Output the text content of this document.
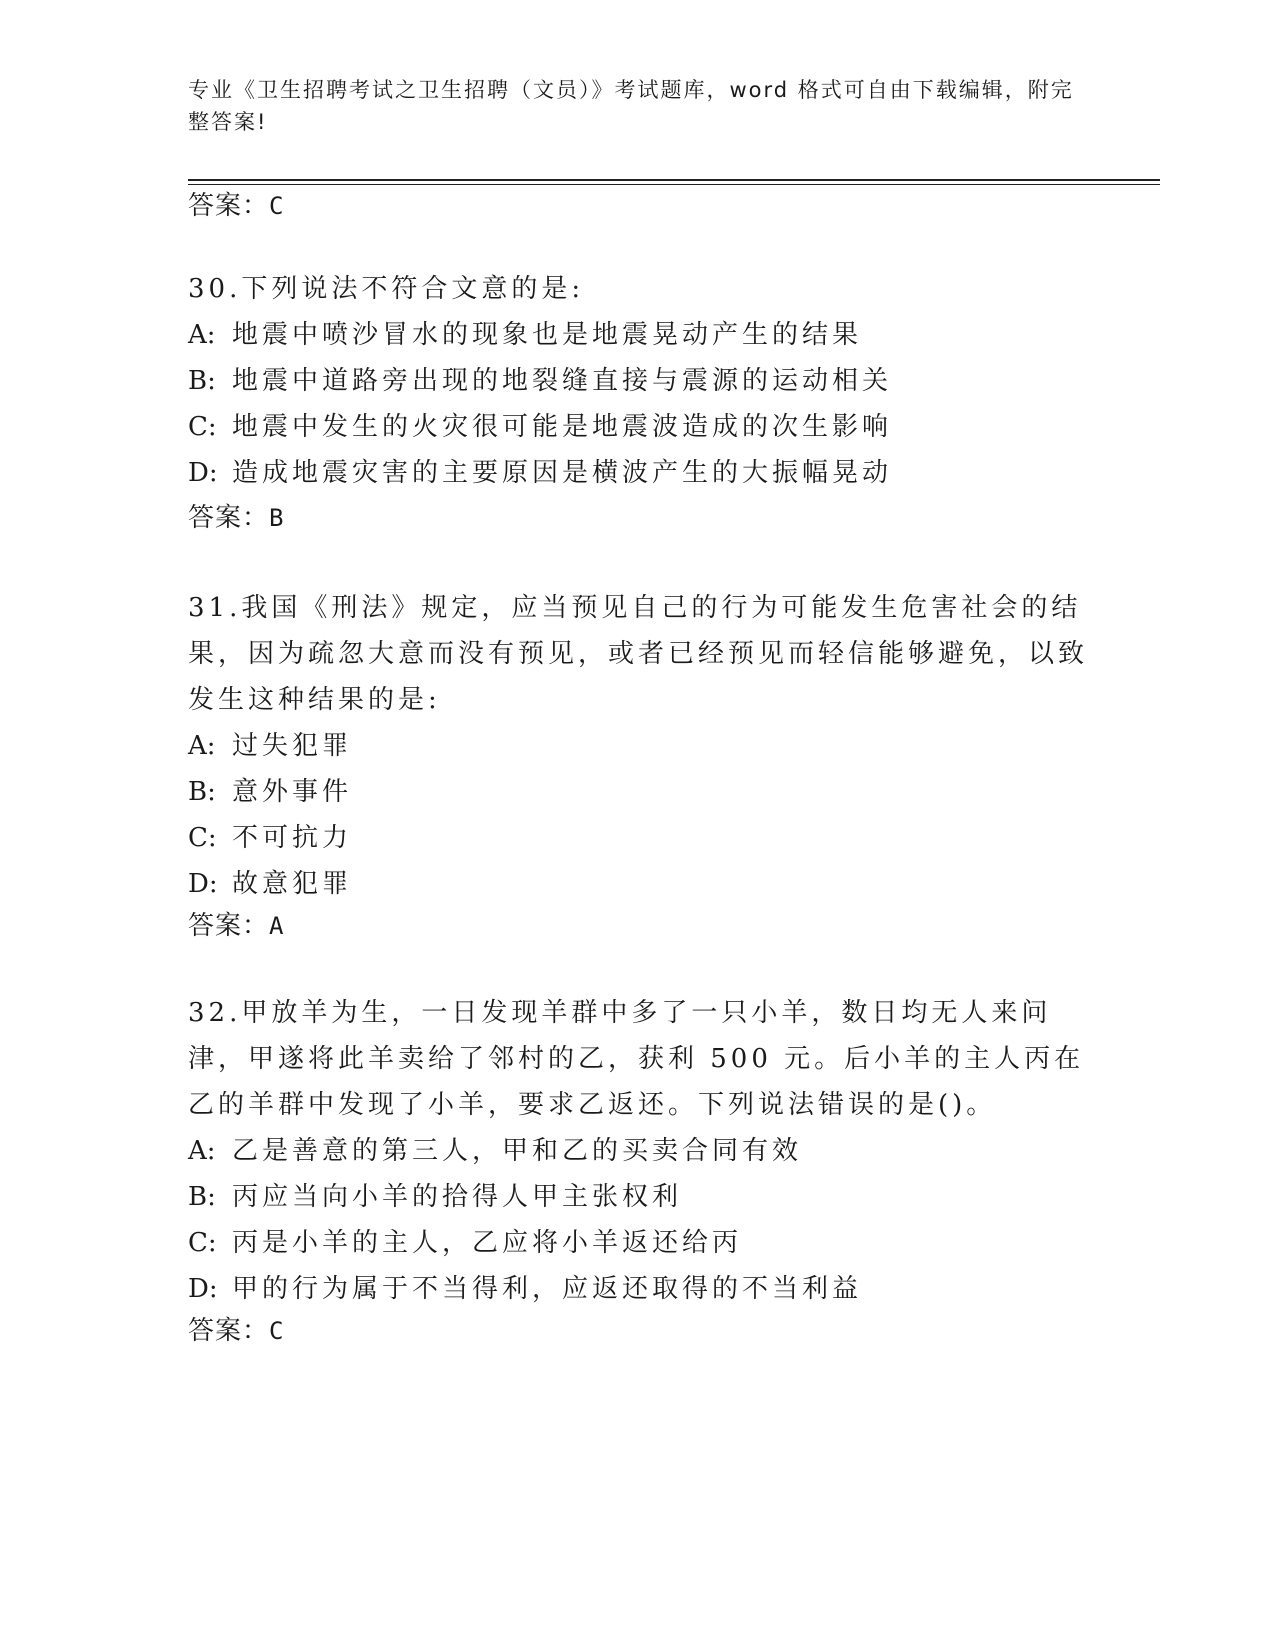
专业《卫生招聘考试之卫生招聘（文员）》考试题库，word 格式可自由下载编辑，附完整答案!
答案：C
30.下列说法不符合文意的是:
A: 地震中喷沙冒水的现象也是地震晃动产生的结果
B: 地震中道路旁出现的地裂缝直接与震源的运动相关
C: 地震中发生的火灾很可能是地震波造成的次生影响
D: 造成地震灾害的主要原因是横波产生的大振幅晃动
答案：B
31.我国《刑法》规定，应当预见自己的行为可能发生危害社会的结果，因为疏忽大意而没有预见，或者已经预见而轻信能够避免，以致发生这种结果的是:
A: 过失犯罪
B: 意外事件
C: 不可抗力
D: 故意犯罪
答案：A
32.甲放羊为生，一日发现羊群中多了一只小羊，数日均无人来问津，甲遂将此羊卖给了邻村的乙，获利 500 元。后小羊的主人丙在乙的羊群中发现了小羊，要求乙返还。下列说法错误的是()。
A: 乙是善意的第三人，甲和乙的买卖合同有效
B: 丙应当向小羊的拾得人甲主张权利
C: 丙是小羊的主人，乙应将小羊返还给丙
D: 甲的行为属于不当得利，应返还取得的不当利益
答案：C
